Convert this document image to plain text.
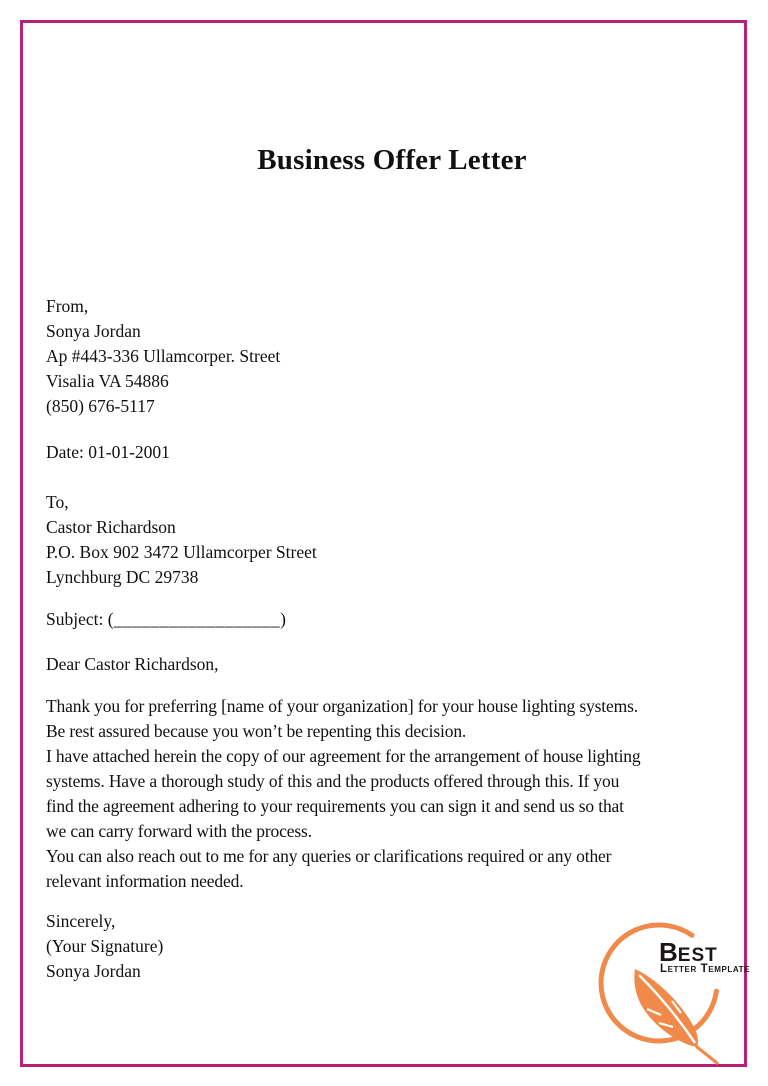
Business Offer Letter
From,
Sonya Jordan
Ap #443-336 Ullamcorper. Street
Visalia VA 54886
(850) 676-5117
Date: 01-01-2001
To,
Castor Richardson
P.O. Box 902 3472 Ullamcorper Street
Lynchburg DC 29738
Subject: (__________________)
Dear Castor Richardson,
Thank you for preferring [name of your organization] for your house lighting systems.
Be rest assured because you won’t be repenting this decision.
I have attached herein the copy of our agreement for the arrangement of house lighting
systems. Have a thorough study of this and the products offered through this. If you
find the agreement adhering to your requirements you can sign it and send us so that
we can carry forward with the process.
You can also reach out to me for any queries or clarifications required or any other
relevant information needed.
Sincerely,
(Your Signature)
Sonya Jordan
BEST
Letter Template
